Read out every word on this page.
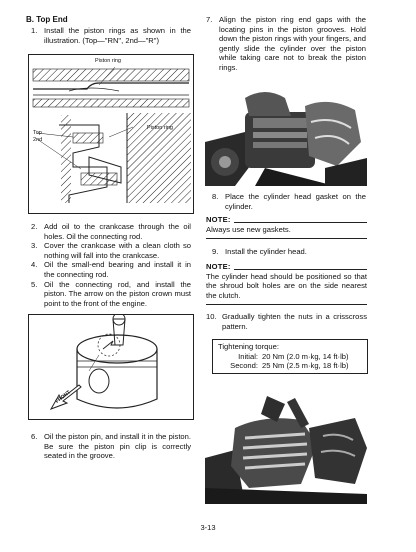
B. Top End
1. Install the piston rings as shown in the illustration. (Top—"RN", 2nd—"R")
Piston ring
Piston ring
Top
2nd
2. Add oil to the crankcase through the oil holes. Oil the connecting rod.
3. Cover the crankcase with a clean cloth so nothing will fall into the crankcase.
4. Oil the small-end bearing and install it in the connecting rod.
5. Oil the connecting rod, and install the piston. The arrow on the piston crown must point to the front of the engine.
FRONT
6. Oil the piston pin, and install it in the piston. Be sure the piston pin clip is correctly seated in the groove.
7. Align the piston ring end gaps with the locating pins in the piston grooves. Hold down the piston rings with your fingers, and gently slide the cylinder over the piston while taking care not to break the piston rings.
8. Place the cylinder head gasket on the cylinder.
NOTE:
Always use new gaskets.
9. Install the cylinder head.
NOTE:
The cylinder head should be positioned so that the shroud bolt holes are on the side nearest the clutch.
10. Gradually tighten the nuts in a crisscross pattern.
Tightening torque:
Initial: 20 Nm (2.0 m·kg, 14 ft·lb)
Second: 25 Nm (2.5 m·kg, 18 ft·lb)
3-13
